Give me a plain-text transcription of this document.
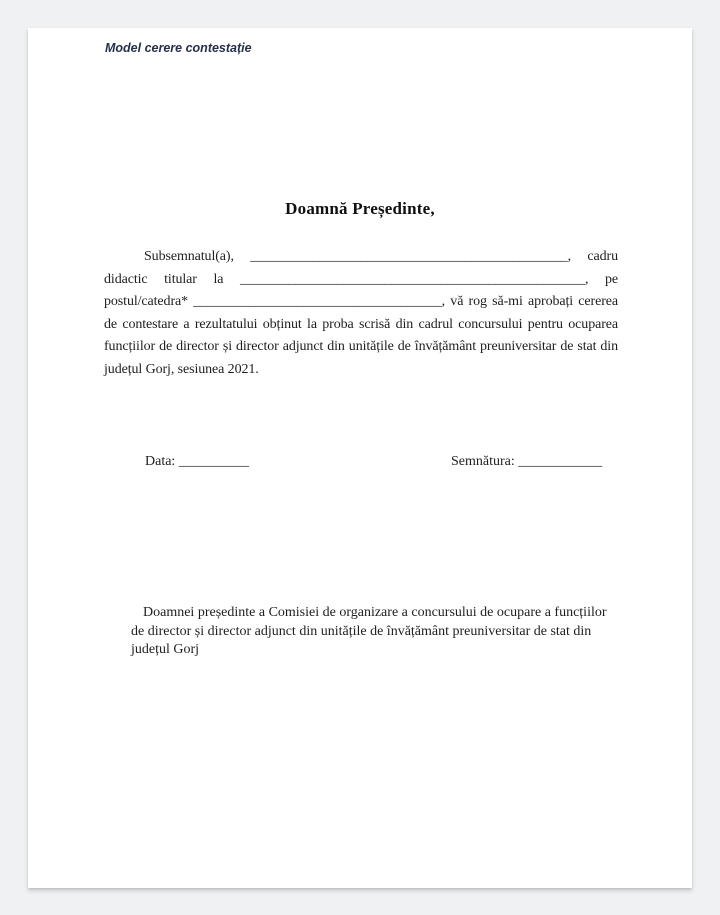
Model cerere contestație
Doamnă Președinte,
Subsemnatul(a), ______________________________________________, cadru
didactic titular la __________________________________________________, pe
postul/catedra* ____________________________________, vă rog să-mi aprobați cererea
de contestare a rezultatului obținut la proba scrisă din cadrul concursului pentru ocuparea
funcțiilor de director și director adjunct din unitățile de învățământ preuniversitar de stat din
județul Gorj, sesiunea 2021.
Data: __________	Semnătura: ____________
Doamnei președinte a Comisiei de organizare a concursului de ocupare a funcțiilor
de director și director adjunct din unitățile de învățământ preuniversitar de stat din
județul Gorj
